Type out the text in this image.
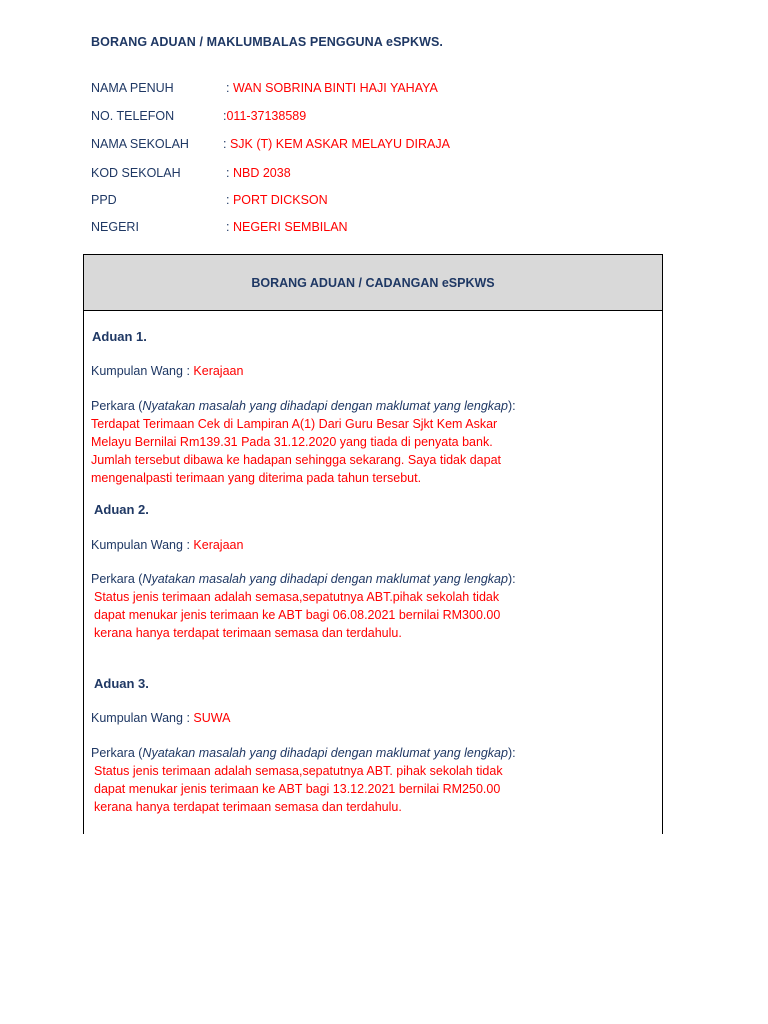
BORANG ADUAN / MAKLUMBALAS PENGGUNA eSPKWS.
NAMA PENUH	: WAN SOBRINA BINTI HAJI YAHAYA
NO. TELEFON	:011-37138589
NAMA SEKOLAH	: SJK (T) KEM ASKAR MELAYU DIRAJA
KOD SEKOLAH	: NBD 2038
PPD	: PORT DICKSON
NEGERI	: NEGERI SEMBILAN
BORANG ADUAN / CADANGAN eSPKWS
Aduan 1.
Kumpulan Wang : Kerajaan
Perkara (Nyatakan masalah yang dihadapi dengan maklumat yang lengkap):
Terdapat Terimaan Cek di Lampiran A(1) Dari Guru Besar Sjkt Kem Askar
Melayu Bernilai Rm139.31 Pada 31.12.2020 yang tiada di penyata bank.
Jumlah tersebut dibawa ke hadapan sehingga sekarang. Saya tidak dapat
mengenalpasti terimaan yang diterima pada tahun tersebut.
Aduan 2.
Kumpulan Wang : Kerajaan
Perkara (Nyatakan masalah yang dihadapi dengan maklumat yang lengkap):
Status jenis terimaan adalah semasa,sepatutnya ABT.pihak sekolah tidak
dapat menukar jenis terimaan ke ABT bagi 06.08.2021 bernilai RM300.00
kerana hanya terdapat terimaan semasa dan terdahulu.
Aduan 3.
Kumpulan Wang : SUWA
Perkara (Nyatakan masalah yang dihadapi dengan maklumat yang lengkap):
Status jenis terimaan adalah semasa,sepatutnya ABT. pihak sekolah tidak
dapat menukar jenis terimaan ke ABT bagi 13.12.2021 bernilai RM250.00
kerana hanya terdapat terimaan semasa dan terdahulu.
